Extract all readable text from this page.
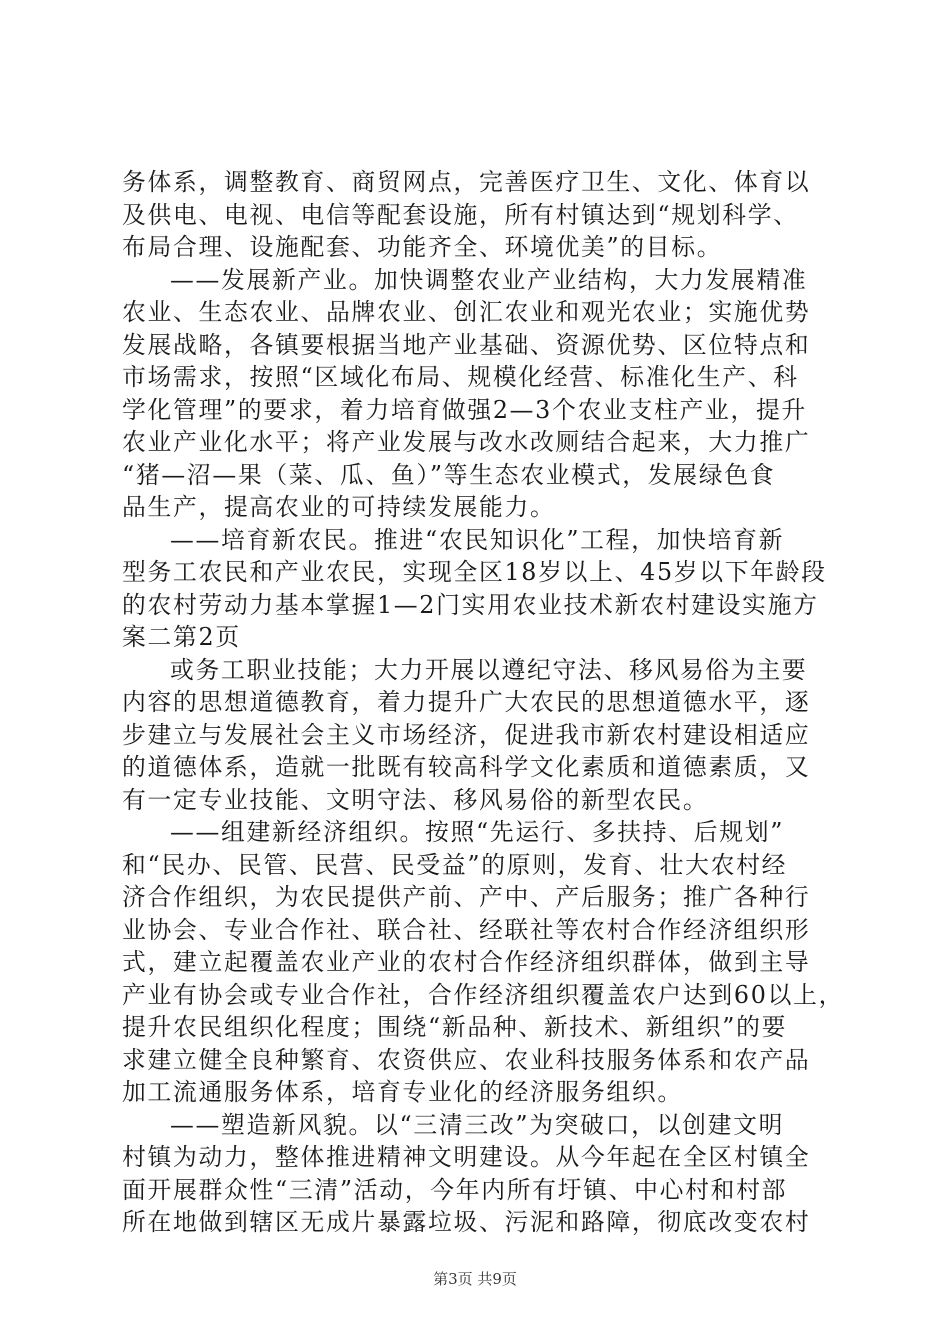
务体系，调整教育、商贸网点，完善医疗卫生、文化、体育以
及供电、电视、电信等配套设施，所有村镇达到“规划科学、
布局合理、设施配套、功能齐全、环境优美”的目标。
——发展新产业。加快调整农业产业结构，大力发展精准
农业、生态农业、品牌农业、创汇农业和观光农业；实施优势
发展战略，各镇要根据当地产业基础、资源优势、区位特点和
市场需求，按照“区域化布局、规模化经营、标准化生产、科
学化管理”的要求，着力培育做强2—3个农业支柱产业，提升
农业产业化水平；将产业发展与改水改厕结合起来，大力推广
“猪—沼—果（菜、瓜、鱼）”等生态农业模式，发展绿色食
品生产，提高农业的可持续发展能力。
——培育新农民。推进“农民知识化”工程，加快培育新
型务工农民和产业农民，实现全区18岁以上、45岁以下年龄段
的农村劳动力基本掌握1—2门实用农业技术新农村建设实施方
案二第2页
或务工职业技能；大力开展以遵纪守法、移风易俗为主要
内容的思想道德教育，着力提升广大农民的思想道德水平，逐
步建立与发展社会主义市场经济，促进我市新农村建设相适应
的道德体系，造就一批既有较高科学文化素质和道德素质，又
有一定专业技能、文明守法、移风易俗的新型农民。
——组建新经济组织。按照“先运行、多扶持、后规划”
和“民办、民管、民营、民受益”的原则，发育、壮大农村经
济合作组织，为农民提供产前、产中、产后服务；推广各种行
业协会、专业合作社、联合社、经联社等农村合作经济组织形
式，建立起覆盖农业产业的农村合作经济组织群体，做到主导
产业有协会或专业合作社，合作经济组织覆盖农户达到60以上，
提升农民组织化程度；围绕“新品种、新技术、新组织”的要
求建立健全良种繁育、农资供应、农业科技服务体系和农产品
加工流通服务体系，培育专业化的经济服务组织。
——塑造新风貌。以“三清三改”为突破口，以创建文明
村镇为动力，整体推进精神文明建设。从今年起在全区村镇全
面开展群众性“三清”活动，今年内所有圩镇、中心村和村部
所在地做到辖区无成片暴露垃圾、污泥和路障，彻底改变农村
第3页 共9页
